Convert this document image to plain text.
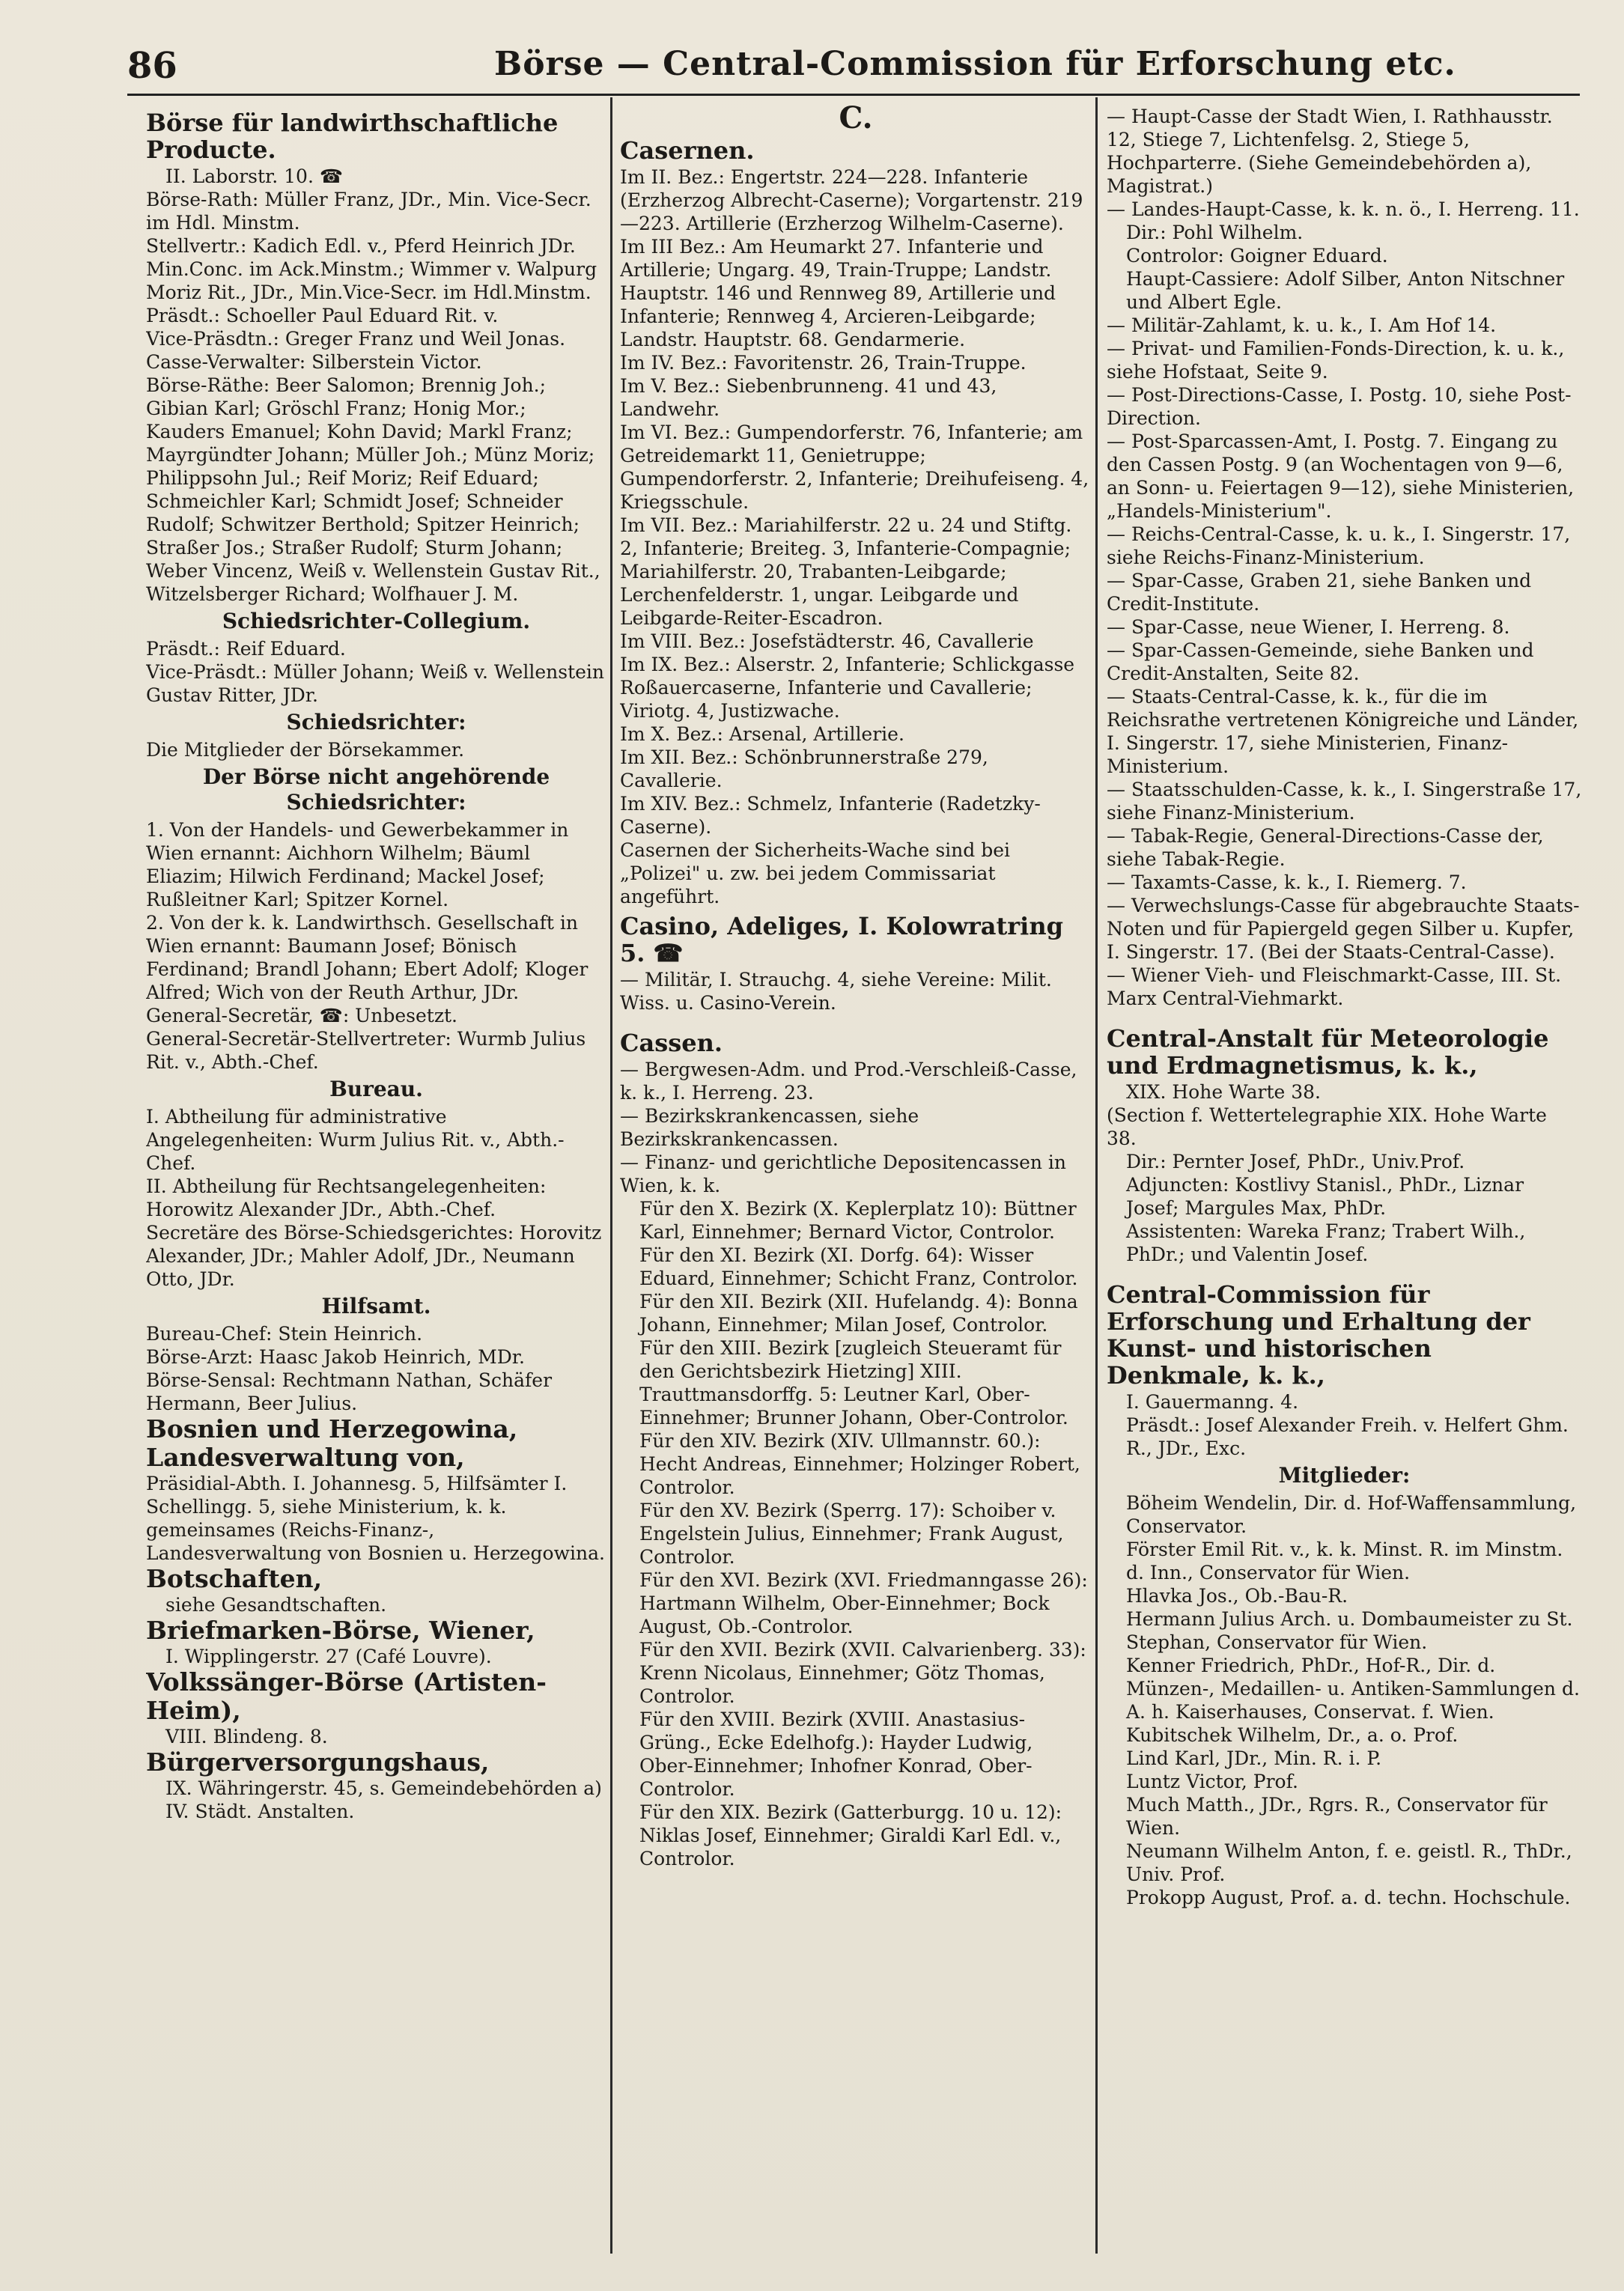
86	Börse — Central-Commission für Erforschung etc.
Börse für landwirthschaftliche Producte.
II. Laborstr. 10. ☎
Börse-Rath: Müller Franz, JDr., Min. Vice-Secr. im Hdl. Minstm.
Stellvertr.: Kadich Edl. v., Pferd Heinrich JDr. Min.Conc. im Ack.Minstm.; Wimmer v. Walpurg Moriz Rit., JDr., Min.Vice-Secr. im Hdl.Minstm.
Präsdt.: Schoeller Paul Eduard Rit. v.
Vice-Präsdtn.: Greger Franz und Weil Jonas.
Casse-Verwalter: Silberstein Victor.
Börse-Räthe: Beer Salomon; Brennig Joh.; Gibian Karl; Gröschl Franz; Honig Mor.; Kauders Emanuel; Kohn David; Markl Franz; Mayrgündter Johann; Müller Joh.; Münz Moriz; Philippsohn Jul.; Reif Moriz; Reif Eduard; Schmeichler Karl; Schmidt Josef; Schneider Rudolf; Schwitzer Berthold; Spitzer Heinrich; Straßer Jos.; Straßer Rudolf; Sturm Johann; Weber Vincenz, Weiß v. Wellenstein Gustav Rit., Witzelsberger Richard; Wolfhauer J. M.
Schiedsrichter-Collegium.
Präsdt.: Reif Eduard.
Vice-Präsdt.: Müller Johann; Weiß v. Wellenstein Gustav Ritter, JDr.
Schiedsrichter:
Die Mitglieder der Börsekammer.
Der Börse nicht angehörende Schiedsrichter:
1. Von der Handels- und Gewerbekammer in Wien ernannt: Aichhorn Wilhelm; Bäuml Eliazim; Hilwich Ferdinand; Mackel Josef; Rußleitner Karl; Spitzer Kornel.
2. Von der k. k. Landwirthsch. Gesellschaft in Wien ernannt: Baumann Josef; Bönisch Ferdinand; Brandl Johann; Ebert Adolf; Kloger Alfred; Wich von der Reuth Arthur, JDr.
General-Secretär, ☎: Unbesetzt.
General-Secretär-Stellvertreter: Wurmb Julius Rit. v., Abth.-Chef.
Bureau.
I. Abtheilung für administrative Angelegenheiten: Wurm Julius Rit. v., Abth.-Chef.
II. Abtheilung für Rechtsangelegenheiten: Horowitz Alexander JDr., Abth.-Chef.
Secretäre des Börse-Schiedsgerichtes: Horovitz Alexander, JDr.; Mahler Adolf, JDr., Neumann Otto, JDr.
Hilfsamt.
Bureau-Chef: Stein Heinrich.
Börse-Arzt: Haasc Jakob Heinrich, MDr.
Börse-Sensal: Rechtmann Nathan, Schäfer Hermann, Beer Julius.
Bosnien und Herzegowina, Landesverwaltung von,
Präsidial-Abth. I. Johannesg. 5, Hilfsämter I. Schellingg. 5, siehe Ministerium, k. k. gemeinsames (Reichs-Finanz-, Landesverwaltung von Bosnien u. Herzegowina.
Botschaften,
siehe Gesandtschaften.
Briefmarken-Börse, Wiener,
I. Wipplingerstr. 27 (Café Louvre).
Volkssänger-Börse (Artisten-Heim),
VIII. Blindeng. 8.
Bürgerversorgungshaus,
IX. Währingerstr. 45, s. Gemeindebehörden a) IV. Städt. Anstalten.
C.
Casernen.
Im II. Bez.: Engertstr. 224—228. Infanterie (Erzherzog Albrecht-Caserne); Vorgartenstr. 219—223. Artillerie (Erzherzog Wilhelm-Caserne).
Im III Bez.: Am Heumarkt 27. Infanterie und Artillerie; Ungarg. 49, Train-Truppe; Landstr. Hauptstr. 146 und Rennweg 89, Artillerie und Infanterie; Rennweg 4, Arcieren-Leibgarde; Landstr. Hauptstr. 68. Gendarmerie.
Im IV. Bez.: Favoritenstr. 26, Train-Truppe.
Im V. Bez.: Siebenbrunneng. 41 und 43, Landwehr.
Im VI. Bez.: Gumpendorferstr. 76, Infanterie; am Getreidemarkt 11, Genietruppe; Gumpendorferstr. 2, Infanterie; Dreihufeiseng. 4, Kriegsschule.
Im VII. Bez.: Mariahilferstr. 22 u. 24 und Stiftg. 2, Infanterie; Breiteg. 3, Infanterie-Compagnie; Mariahilferstr. 20, Trabanten-Leibgarde; Lerchenfelderstr. 1, ungar. Leibgarde und Leibgarde-Reiter-Escadron.
Im VIII. Bez.: Josefstädterstr. 46, Cavallerie
Im IX. Bez.: Alserstr. 2, Infanterie; Schlickgasse Roßauercaserne, Infanterie und Cavallerie; Viriotg. 4, Justizwache.
Im X. Bez.: Arsenal, Artillerie.
Im XII. Bez.: Schönbrunnerstraße 279, Cavallerie.
Im XIV. Bez.: Schmelz, Infanterie (Radetzky-Caserne).
Casernen der Sicherheits-Wache sind bei „Polizei" u. zw. bei jedem Commissariat angeführt.
Casino, Adeliges, I. Kolowratring 5. ☎
— Militär, I. Strauchg. 4, siehe Vereine: Milit. Wiss. u. Casino-Verein.
Cassen.
— Bergwesen-Adm. und Prod.-Verschleiß-Casse, k. k., I. Herreng. 23.
— Bezirkskrankencassen, siehe Bezirkskrankencassen.
— Finanz- und gerichtliche Depositencassen in Wien, k. k.
Für den X. Bezirk (X. Keplerplatz 10): Büttner Karl, Einnehmer; Bernard Victor, Controlor.
Für den XI. Bezirk (XI. Dorfg. 64): Wisser Eduard, Einnehmer; Schicht Franz, Controlor.
Für den XII. Bezirk (XII. Hufelandg. 4): Bonna Johann, Einnehmer; Milan Josef, Controlor.
Für den XIII. Bezirk [zugleich Steueramt für den Gerichtsbezirk Hietzing] XIII. Trauttmansdorffg. 5: Leutner Karl, Ober-Einnehmer; Brunner Johann, Ober-Controlor.
Für den XIV. Bezirk (XIV. Ullmannstr. 60.): Hecht Andreas, Einnehmer; Holzinger Robert, Controlor.
Für den XV. Bezirk (Sperrg. 17): Schoiber v. Engelstein Julius, Einnehmer; Frank August, Controlor.
Für den XVI. Bezirk (XVI. Friedmanngasse 26): Hartmann Wilhelm, Ober-Einnehmer; Bock August, Ob.-Controlor.
Für den XVII. Bezirk (XVII. Calvarienberg. 33): Krenn Nicolaus, Einnehmer; Götz Thomas, Controlor.
Für den XVIII. Bezirk (XVIII. Anastasius-Grüng., Ecke Edelhofg.): Hayder Ludwig, Ober-Einnehmer; Inhofner Konrad, Ober-Controlor.
Für den XIX. Bezirk (Gatterburgg. 10 u. 12): Niklas Josef, Einnehmer; Giraldi Karl Edl. v., Controlor.
— Haupt-Casse der Stadt Wien, I. Rathhausstr. 12, Stiege 7, Lichtenfelsg. 2, Stiege 5, Hochparterre. (Siehe Gemeindebehörden a), Magistrat.)
— Landes-Haupt-Casse, k. k. n. ö., I. Herreng. 11.
Dir.: Pohl Wilhelm.
Controlor: Goigner Eduard.
Haupt-Cassiere: Adolf Silber, Anton Nitschner und Albert Egle.
— Militär-Zahlamt, k. u. k., I. Am Hof 14.
— Privat- und Familien-Fonds-Direction, k. u. k., siehe Hofstaat, Seite 9.
— Post-Directions-Casse, I. Postg. 10, siehe Post-Direction.
— Post-Sparcassen-Amt, I. Postg. 7. Eingang zu den Cassen Postg. 9 (an Wochentagen von 9—6, an Sonn- u. Feiertagen 9—12), siehe Ministerien, „Handels-Ministerium".
— Reichs-Central-Casse, k. u. k., I. Singerstr. 17, siehe Reichs-Finanz-Ministerium.
— Spar-Casse, Graben 21, siehe Banken und Credit-Institute.
— Spar-Casse, neue Wiener, I. Herreng. 8.
— Spar-Cassen-Gemeinde, siehe Banken und Credit-Anstalten, Seite 82.
— Staats-Central-Casse, k. k., für die im Reichsrathe vertretenen Königreiche und Länder, I. Singerstr. 17, siehe Ministerien, Finanz-Ministerium.
— Staatsschulden-Casse, k. k., I. Singerstraße 17, siehe Finanz-Ministerium.
— Tabak-Regie, General-Directions-Casse der, siehe Tabak-Regie.
— Taxamts-Casse, k. k., I. Riemerg. 7.
— Verwechslungs-Casse für abgebrauchte Staats-Noten und für Papiergeld gegen Silber u. Kupfer, I. Singerstr. 17. (Bei der Staats-Central-Casse).
— Wiener Vieh- und Fleischmarkt-Casse, III. St. Marx Central-Viehmarkt.
Central-Anstalt für Meteorologie und Erdmagnetismus, k. k.,
XIX. Hohe Warte 38.
(Section f. Wettertelegraphie XIX. Hohe Warte 38.
Dir.: Pernter Josef, PhDr., Univ.Prof.
Adjuncten: Kostlivy Stanisl., PhDr., Liznar Josef; Margules Max, PhDr.
Assistenten: Wareka Franz; Trabert Wilh., PhDr.; und Valentin Josef.
Central-Commission für Erforschung und Erhaltung der Kunst- und historischen Denkmale, k. k.,
I. Gauermanng. 4.
Präsdt.: Josef Alexander Freih. v. Helfert Ghm. R., JDr., Exc.
Mitglieder:
Böheim Wendelin, Dir. d. Hof-Waffensammlung, Conservator.
Förster Emil Rit. v., k. k. Minst. R. im Minstm. d. Inn., Conservator für Wien.
Hlavka Jos., Ob.-Bau-R.
Hermann Julius Arch. u. Dombaumeister zu St. Stephan, Conservator für Wien.
Kenner Friedrich, PhDr., Hof-R., Dir. d. Münzen-, Medaillen- u. Antiken-Sammlungen d. A. h. Kaiserhauses, Conservat. f. Wien.
Kubitschek Wilhelm, Dr., a. o. Prof.
Lind Karl, JDr., Min. R. i. P.
Luntz Victor, Prof.
Much Matth., JDr., Rgrs. R., Conservator für Wien.
Neumann Wilhelm Anton, f. e. geistl. R., ThDr., Univ. Prof.
Prokopp August, Prof. a. d. techn. Hochschule.
